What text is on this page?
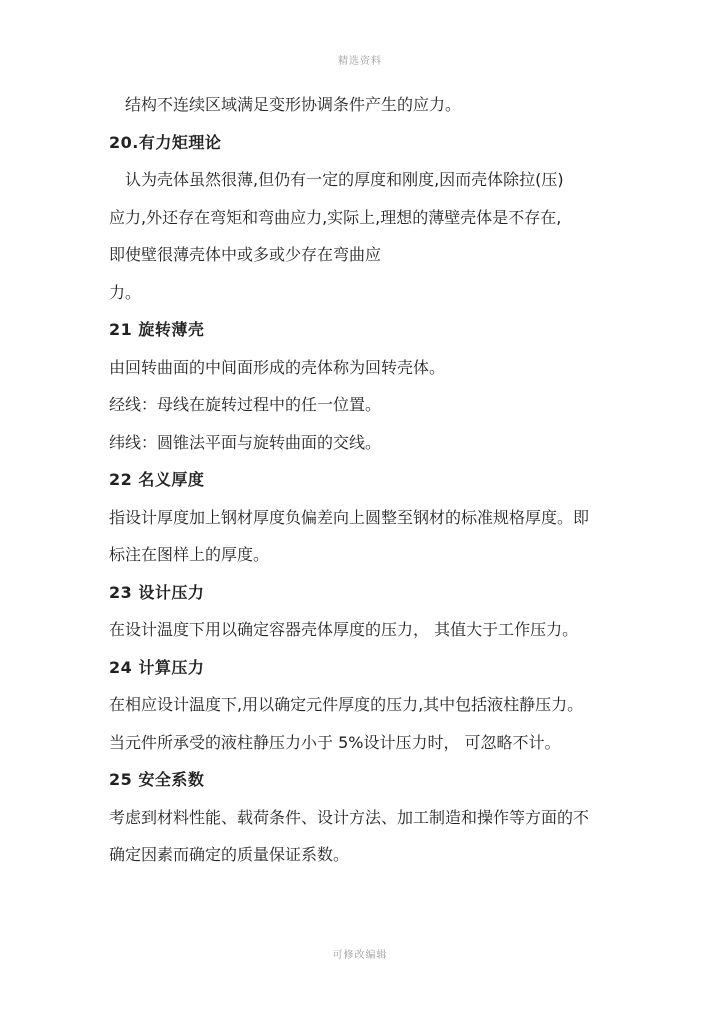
精选资料
结构不连续区域满足变形协调条件产生的应力。
20.有力矩理论
认为壳体虽然很薄,但仍有一定的厚度和刚度,因而壳体除拉(压)
应力,外还存在弯矩和弯曲应力,实际上,理想的薄壁壳体是不存在,
即使壁很薄壳体中或多或少存在弯曲应
力。
21 旋转薄壳
由回转曲面的中间面形成的壳体称为回转壳体。
经线：母线在旋转过程中的任一位置。
纬线：圆锥法平面与旋转曲面的交线。
22 名义厚度
指设计厚度加上钢材厚度负偏差向上圆整至钢材的标准规格厚度。即
标注在图样上的厚度。
23 设计压力
在设计温度下用以确定容器壳体厚度的压力， 其值大于工作压力。
24 计算压力
在相应设计温度下,用以确定元件厚度的压力,其中包括液柱静压力。
当元件所承受的液柱静压力小于 5%设计压力时， 可忽略不计。
25 安全系数
考虑到材料性能、载荷条件、设计方法、加工制造和操作等方面的不
确定因素而确定的质量保证系数。
可修改编辑
